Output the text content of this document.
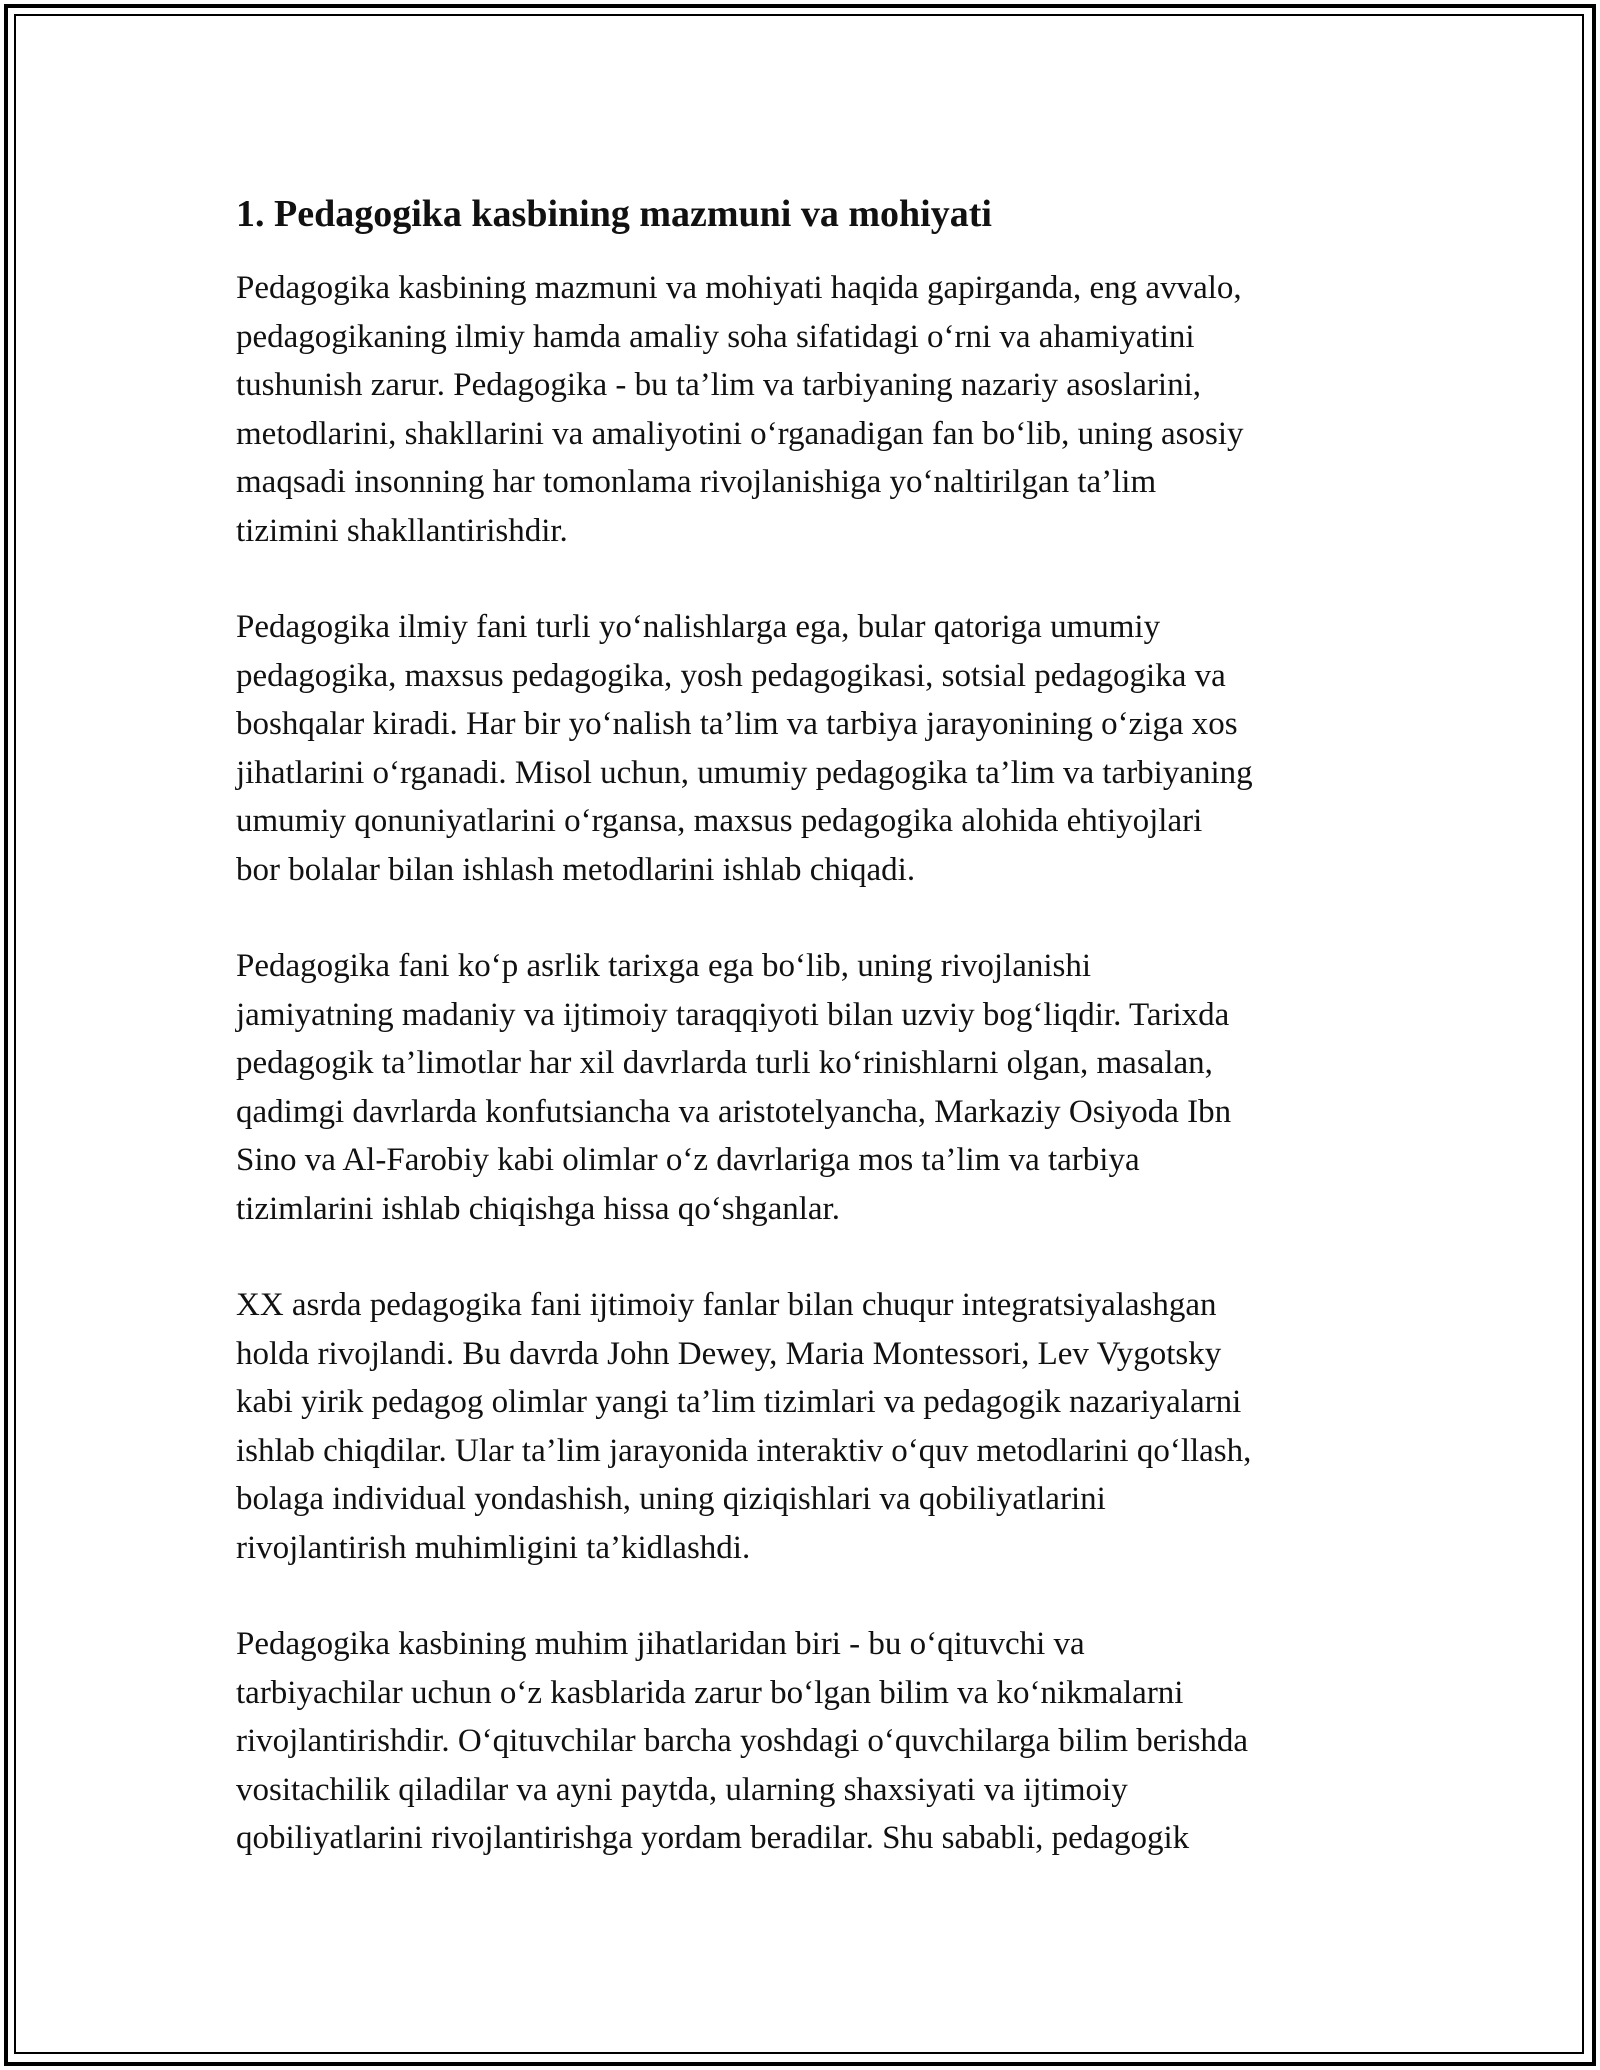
1. Pedagogika kasbining mazmuni va mohiyati
Pedagogika kasbining mazmuni va mohiyati haqida gapirganda, eng avvalo,
pedagogikaning ilmiy hamda amaliy soha sifatidagi o‘rni va ahamiyatini
tushunish zarur. Pedagogika - bu ta’lim va tarbiyaning nazariy asoslarini,
metodlarini, shakllarini va amaliyotini o‘rganadigan fan bo‘lib, uning asosiy
maqsadi insonning har tomonlama rivojlanishiga yo‘naltirilgan ta’lim
tizimini shakllantirishdir.
Pedagogika ilmiy fani turli yo‘nalishlarga ega, bular qatoriga umumiy
pedagogika, maxsus pedagogika, yosh pedagogikasi, sotsial pedagogika va
boshqalar kiradi. Har bir yo‘nalish ta’lim va tarbiya jarayonining o‘ziga xos
jihatlarini o‘rganadi. Misol uchun, umumiy pedagogika ta’lim va tarbiyaning
umumiy qonuniyatlarini o‘rgansa, maxsus pedagogika alohida ehtiyojlari
bor bolalar bilan ishlash metodlarini ishlab chiqadi.
Pedagogika fani ko‘p asrlik tarixga ega bo‘lib, uning rivojlanishi
jamiyatning madaniy va ijtimoiy taraqqiyoti bilan uzviy bog‘liqdir. Tarixda
pedagogik ta’limotlar har xil davrlarda turli ko‘rinishlarni olgan, masalan,
qadimgi davrlarda konfutsiancha va aristotelyancha, Markaziy Osiyoda Ibn
Sino va Al-Farobiy kabi olimlar o‘z davrlariga mos ta’lim va tarbiya
tizimlarini ishlab chiqishga hissa qo‘shganlar.
XX asrda pedagogika fani ijtimoiy fanlar bilan chuqur integratsiyalashgan
holda rivojlandi. Bu davrda John Dewey, Maria Montessori, Lev Vygotsky
kabi yirik pedagog olimlar yangi ta’lim tizimlari va pedagogik nazariyalarni
ishlab chiqdilar. Ular ta’lim jarayonida interaktiv o‘quv metodlarini qo‘llash,
bolaga individual yondashish, uning qiziqishlari va qobiliyatlarini
rivojlantirish muhimligini ta’kidlashdi.
Pedagogika kasbining muhim jihatlaridan biri - bu o‘qituvchi va
tarbiyachilar uchun o‘z kasblarida zarur bo‘lgan bilim va ko‘nikmalarni
rivojlantirishdir. O‘qituvchilar barcha yoshdagi o‘quvchilarga bilim berishda
vositachilik qiladilar va ayni paytda, ularning shaxsiyati va ijtimoiy
qobiliyatlarini rivojlantirishga yordam beradilar. Shu sababli, pedagogik
